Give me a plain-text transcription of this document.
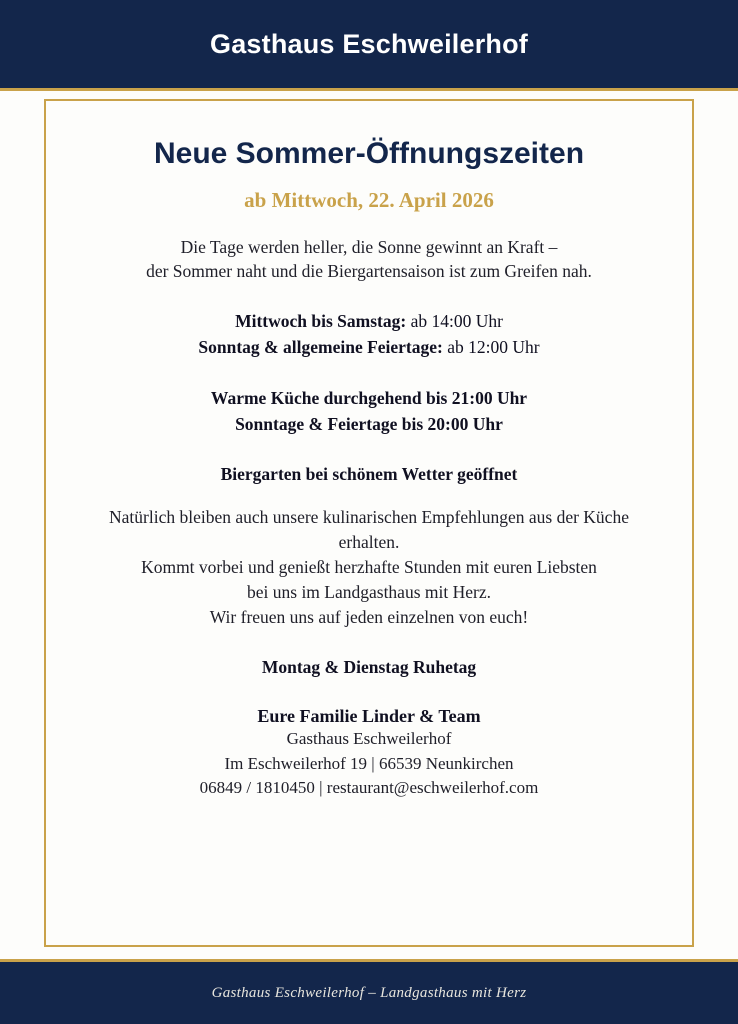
Gasthaus Eschweilerhof
Neue Sommer-Öffnungszeiten
ab Mittwoch, 22. April 2026
Die Tage werden heller, die Sonne gewinnt an Kraft –
der Sommer naht und die Biergartensaison ist zum Greifen nah.
Mittwoch bis Samstag: ab 14:00 Uhr
Sonntag & allgemeine Feiertage: ab 12:00 Uhr
Warme Küche durchgehend bis 21:00 Uhr
Sonntage & Feiertage bis 20:00 Uhr
Biergarten bei schönem Wetter geöffnet
Natürlich bleiben auch unsere kulinarischen Empfehlungen aus der Küche
erhalten.
Kommt vorbei und genießt herzhafte Stunden mit euren Liebsten
bei uns im Landgasthaus mit Herz.
Wir freuen uns auf jeden einzelnen von euch!
Montag & Dienstag Ruhetag
Eure Familie Linder & Team
Gasthaus Eschweilerhof
Im Eschweilerhof 19 | 66539 Neunkirchen
06849 / 1810450 | restaurant@eschweilerhof.com
Gasthaus Eschweilerhof – Landgasthaus mit Herz
